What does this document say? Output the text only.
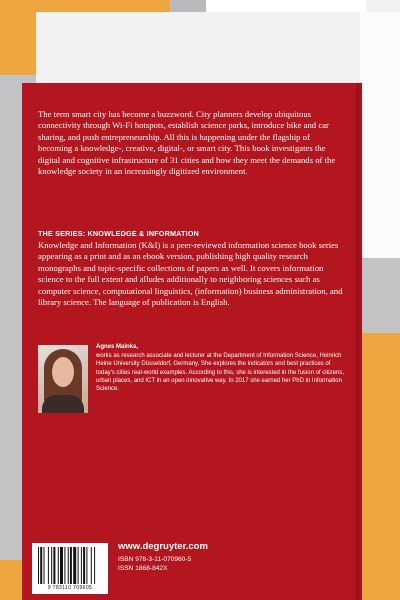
The term smart city has become a buzzword. City planners develop ubiquitous connectivity through Wi-Fi hotspots, establish science parks, introduce bike and car sharing, and push entrepreneurship. All this is happening under the flagship of becoming a knowledge-, creative, digital-, or smart city. This book investigates the digital and cognitive infrastructure of 31 cities and how they meet the demands of the knowledge society in an increasingly digitized environment.
THE SERIES: KNOWLEDGE & INFORMATION
Knowledge and Information (K&I) is a peer-reviewed information science book series appearing as a print and as an ebook version, publishing high quality research monographs and topic-specific collections of papers as well. It covers information science to the full extent and alludes additionally to neighboring sciences such as computer science, computational linguistics, (information) business administration, and library science. The language of publication is English.
Agnes Mainka,
works as research associate and lecturer at the Department of Information Science, Heinrich Heine University Düsseldorf, Germany. She explores the indicators and best practices of today's cities real-world examples. According to this, she is interested in the fusion of citizens, urban places, and ICT in an open innovative way. In 2017 she earned her PhD in Information Science.
9 783110 709605
www.degruyter.com
ISBN 978-3-11-070960-5
ISSN 1868-842X
